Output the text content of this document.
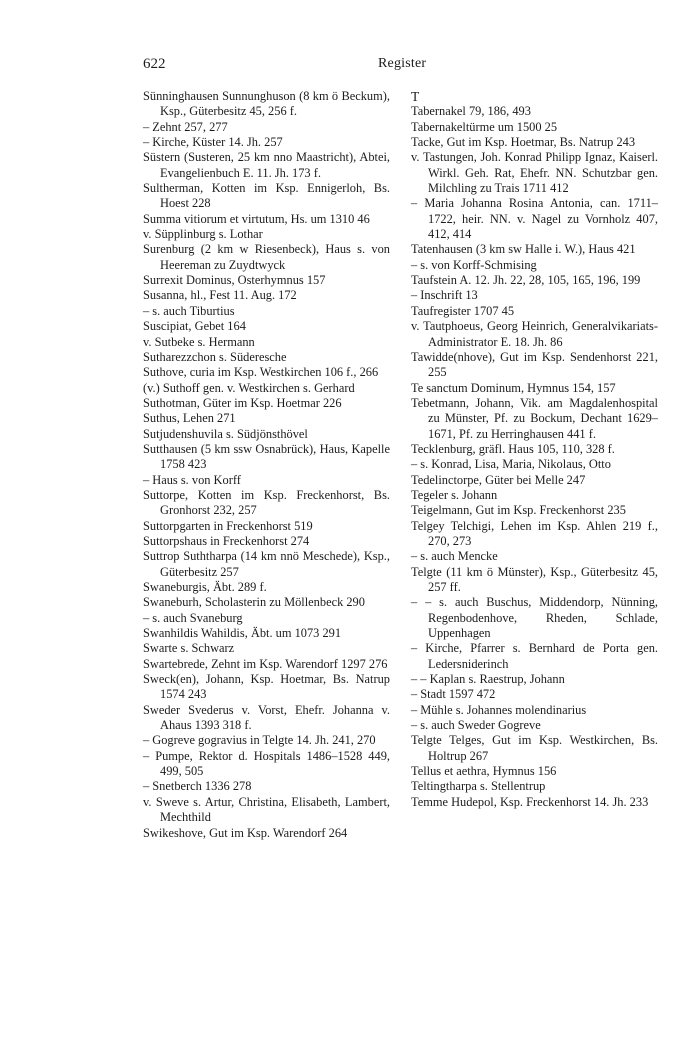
622	Register
Sünninghausen Sunnunghuson (8 km ö Beckum), Ksp., Güterbesitz 45, 256 f.
– Zehnt 257, 277
– Kirche, Küster 14. Jh. 257
Süstern (Susteren, 25 km nno Maastricht), Abtei, Evangelienbuch E. 11. Jh. 173 f.
Sultherman, Kotten im Ksp. Ennigerloh, Bs. Hoest 228
Summa vitiorum et virtutum, Hs. um 1310 46
v. Süpplinburg s. Lothar
Surenburg (2 km w Riesenbeck), Haus s. von Heereman zu Zuydtwyck
Surrexit Dominus, Osterhymnus 157
Susanna, hl., Fest 11. Aug. 172
– s. auch Tiburtius
Suscipiat, Gebet 164
v. Sutbeke s. Hermann
Sutharezzchon s. Süderesche
Suthove, curia im Ksp. Westkirchen 106 f., 266
(v.) Suthoff gen. v. Westkirchen s. Gerhard
Suthotman, Güter im Ksp. Hoetmar 226
Suthus, Lehen 271
Sutjudenshuvila s. Südjönsthövel
Sutthausen (5 km ssw Osnabrück), Haus, Kapelle 1758 423
– Haus s. von Korff
Suttorpe, Kotten im Ksp. Freckenhorst, Bs. Gronhorst 232, 257
Suttorpgarten in Freckenhorst 519
Suttorpshaus in Freckenhorst 274
Suttrop Suththarpa (14 km nnö Meschede), Ksp., Güterbesitz 257
Swaneburgis, Äbt. 289 f.
Swaneburh, Scholasterin zu Möllenbeck 290
– s. auch Svaneburg
Swanhildis Wahildis, Äbt. um 1073 291
Swarte s. Schwarz
Swartebrede, Zehnt im Ksp. Warendorf 1297 276
Sweck(en), Johann, Ksp. Hoetmar, Bs. Natrup 1574 243
Sweder Svederus v. Vorst, Ehefr. Johanna v. Ahaus 1393 318 f.
– Gogreve gogravius in Telgte 14. Jh. 241, 270
– Pumpe, Rektor d. Hospitals 1486–1528 449, 499, 505
– Snetberch 1336 278
v. Sweve s. Artur, Christina, Elisabeth, Lambert, Mechthild
Swikeshove, Gut im Ksp. Warendorf 264
T
Tabernakel 79, 186, 493
Tabernakeltürme um 1500 25
Tacke, Gut im Ksp. Hoetmar, Bs. Natrup 243
v. Tastungen, Joh. Konrad Philipp Ignaz, Kaiserl. Wirkl. Geh. Rat, Ehefr. NN. Schutzbar gen. Milchling zu Trais 1711 412
– Maria Johanna Rosina Antonia, can. 1711–1722, heir. NN. v. Nagel zu Vornholz 407, 412, 414
Tatenhausen (3 km sw Halle i. W.), Haus 421
– s. von Korff-Schmising
Taufstein A. 12. Jh. 22, 28, 105, 165, 196, 199
– Inschrift 13
Taufregister 1707 45
v. Tautphoeus, Georg Heinrich, Generalvikariats-Administrator E. 18. Jh. 86
Tawidde(nhove), Gut im Ksp. Sendenhorst 221, 255
Te sanctum Dominum, Hymnus 154, 157
Tebetmann, Johann, Vik. am Magdalenhospital zu Münster, Pf. zu Bockum, Dechant 1629–1671, Pf. zu Herringhausen 441 f.
Tecklenburg, gräfl. Haus 105, 110, 328 f.
– s. Konrad, Lisa, Maria, Nikolaus, Otto
Tedelinctorpe, Güter bei Melle 247
Tegeler s. Johann
Teigelmann, Gut im Ksp. Freckenhorst 235
Telgey Telchigi, Lehen im Ksp. Ahlen 219 f., 270, 273
– s. auch Mencke
Telgte (11 km ö Münster), Ksp., Güterbesitz 45, 257 ff.
– – s. auch Buschus, Middendorp, Nünning, Regenbodenhove, Rheden, Schlade, Uppenhagen
– Kirche, Pfarrer s. Bernhard de Porta gen. Ledersniderinch
– – Kaplan s. Raestrup, Johann
– Stadt 1597 472
– Mühle s. Johannes molendinarius
– s. auch Sweder Gogreve
Telgte Telges, Gut im Ksp. Westkirchen, Bs. Holtrup 267
Tellus et aethra, Hymnus 156
Teltingtharpa s. Stellentrup
Temme Hudepol, Ksp. Freckenhorst 14. Jh. 233
